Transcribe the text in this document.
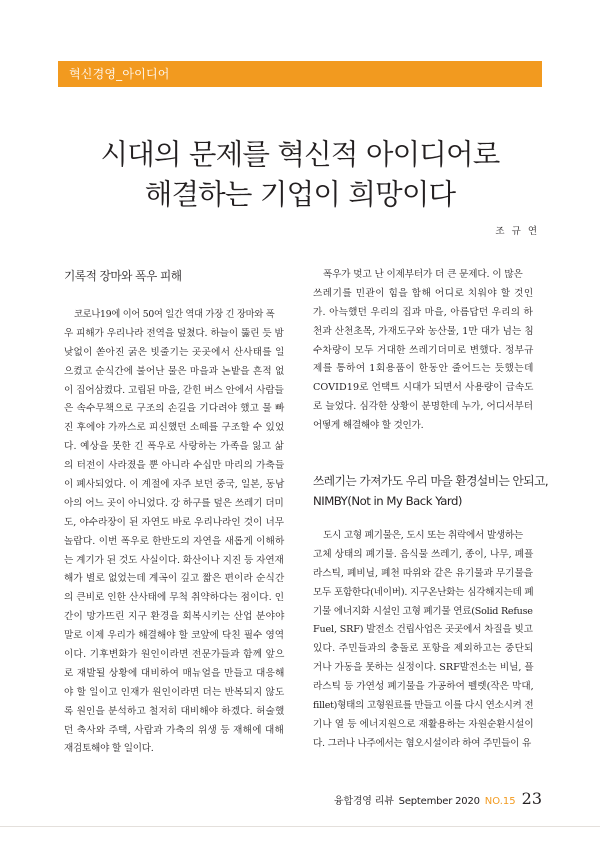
혁신경영_아이디어
시대의 문제를 혁신적 아이디어로
해결하는 기업이 희망이다
조 규 연
기록적 장마와 폭우 피해
코로나19에 이어 50여 일간 역대 가장 긴 장마와 폭
우 피해가 우리나라 전역을 덮쳤다. 하늘이 뚫린 듯 밤
낮없이 쏟아진 굵은 빗줄기는 곳곳에서 산사태를 일
으켰고 순식간에 불어난 물은 마을과 논밭을 흔적 없
이 집어삼켰다. 고립된 마을, 갇힌 버스 안에서 사람들
은 속수무책으로 구조의 손길을 기다려야 했고 물 빠
진 후에야 가까스로 피신했던 소떼를 구조할 수 있었
다. 예상을 못한 긴 폭우로 사랑하는 가족을 잃고 삶
의 터전이 사라졌을 뿐 아니라 수십만 마리의 가축들
이 폐사되었다. 이 계절에 자주 보던 중국, 일본, 동남
아의 어느 곳이 아니었다. 강 하구를 덮은 쓰레기 더미
도, 야수라장이 된 자연도 바로 우리나라인 것이 너무
놀랍다. 이번 폭우로 한반도의 자연을 새롭게 이해하
는 계기가 된 것도 사실이다. 화산이나 지진 등 자연재
해가 별로 없었는데 계곡이 깊고 짧은 편이라 순식간
의 큰비로 인한 산사태에 무척 취약하다는 점이다. 인
간이 망가뜨린 지구 환경을 회복시키는 산업 분야야
말로 이제 우리가 해결해야 할 코앞에 닥친 필수 영역
이다. 기후변화가 원인이라면 전문가들과 함께 앞으
로 재발될 상황에 대비하여 매뉴얼을 만들고 대응해
야 할 일이고 인재가 원인이라면 더는 반복되지 않도
록 원인을 분석하고 철저히 대비해야 하겠다. 허술했
던 축사와 주택, 사람과 가축의 위생 등 재해에 대해
재검토해야 할 일이다.
폭우가 멎고 난 이제부터가 더 큰 문제다. 이 많은
쓰레기를 민관이 힘을 합해 어디로 치워야 할 것인
가. 아늑했던 우리의 집과 마을, 아름답던 우리의 하
천과 산천초목, 가재도구와 농산물, 1만 대가 넘는 침
수차량이 모두 거대한 쓰레기더미로 변했다. 정부규
제를 통하여 1회용품이 한동안 줄어드는 듯했는데
COVID19로 언택트 시대가 되면서 사용량이 급속도
로 늘었다. 심각한 상황이 분명한데 누가, 어디서부터
어떻게 해결해야 할 것인가.
쓰레기는 가져가도 우리 마을 환경설비는 안되고,
NIMBY(Not in My Back Yard)
도시 고형 폐기물은, 도시 또는 취락에서 발생하는
고체 상태의 폐기물. 음식물 쓰레기, 종이, 나무, 폐플
라스틱, 폐비닐, 폐천 따위와 같은 유기물과 무기물을
모두 포함한다(네이버). 지구온난화는 심각해지는데 폐
기물 에너지화 시설인 고형 폐기물 연료(Solid Refuse
Fuel, SRF) 발전소 건립사업은 곳곳에서 차질을 빚고
있다. 주민들과의 충돌로 포항을 제외하고는 중단되
거나 가동을 못하는 실정이다. SRF발전소는 비닐, 플
라스틱 등 가연성 폐기물을 가공하여 펠렛(작은 막대,
fillet)형태의 고형원료를 만들고 이를 다시 연소시켜 전
기나 열 등 에너지원으로 재활용하는 자원순환시설이
다. 그러나 나주에서는 혐오시설이라 하여 주민들이 유
융합경영 리뷰 September 2020 NO.15 23
